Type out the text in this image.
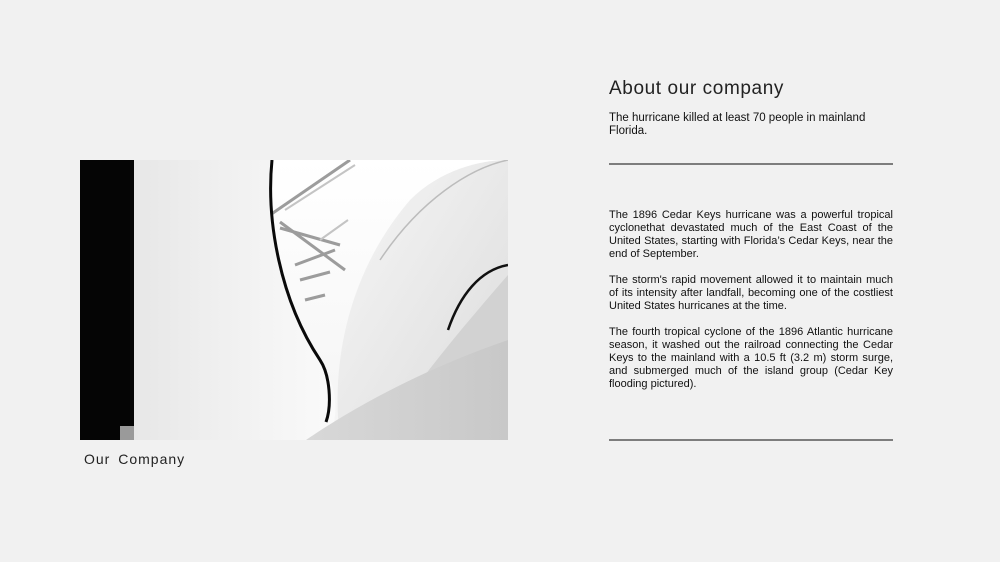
Our Company
About our company

The hurricane killed at least 70 people in mainland Florida.

The 1896 Cedar Keys hurricane was a powerful tropical cyclonethat devastated much of the East Coast of the United States, starting with Florida’s Cedar Keys, near the end of September.

The storm's rapid movement allowed it to maintain much of its intensity after landfall, becoming one of the costliest United States hurricanes at the time.

The fourth tropical cyclone of the 1896 Atlantic hurricane season, it washed out the railroad connecting the Cedar Keys to the mainland with a 10.5 ft (3.2 m) storm surge, and submerged much of the island group (Cedar Key flooding pictured).
